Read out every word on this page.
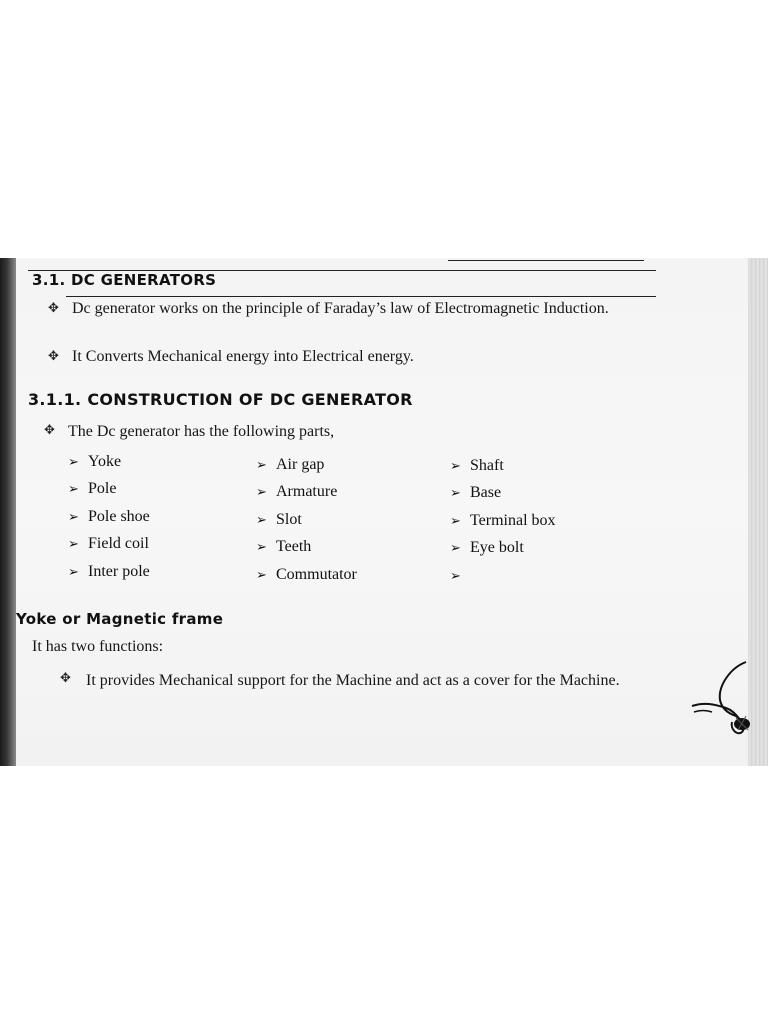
3.1. DC GENERATORS
✥ Dc generator works on the principle of Faraday’s law of Electromagnetic Induction.
✥ It Converts Mechanical energy into Electrical energy.
3.1.1. CONSTRUCTION OF DC GENERATOR
✥ The Dc generator has the following parts,
➢ Yoke
➢ Pole
➢ Pole shoe
➢ Field coil
➢ Inter pole
➢ Air gap
➢ Armature
➢ Slot
➢ Teeth
➢ Commutator
➢ Shaft
➢ Base
➢ Terminal box
➢ Eye bolt
➢
Yoke or Magnetic frame
It has two functions:
✥ It provides Mechanical support for the Machine and act as a cover for the Machine.
